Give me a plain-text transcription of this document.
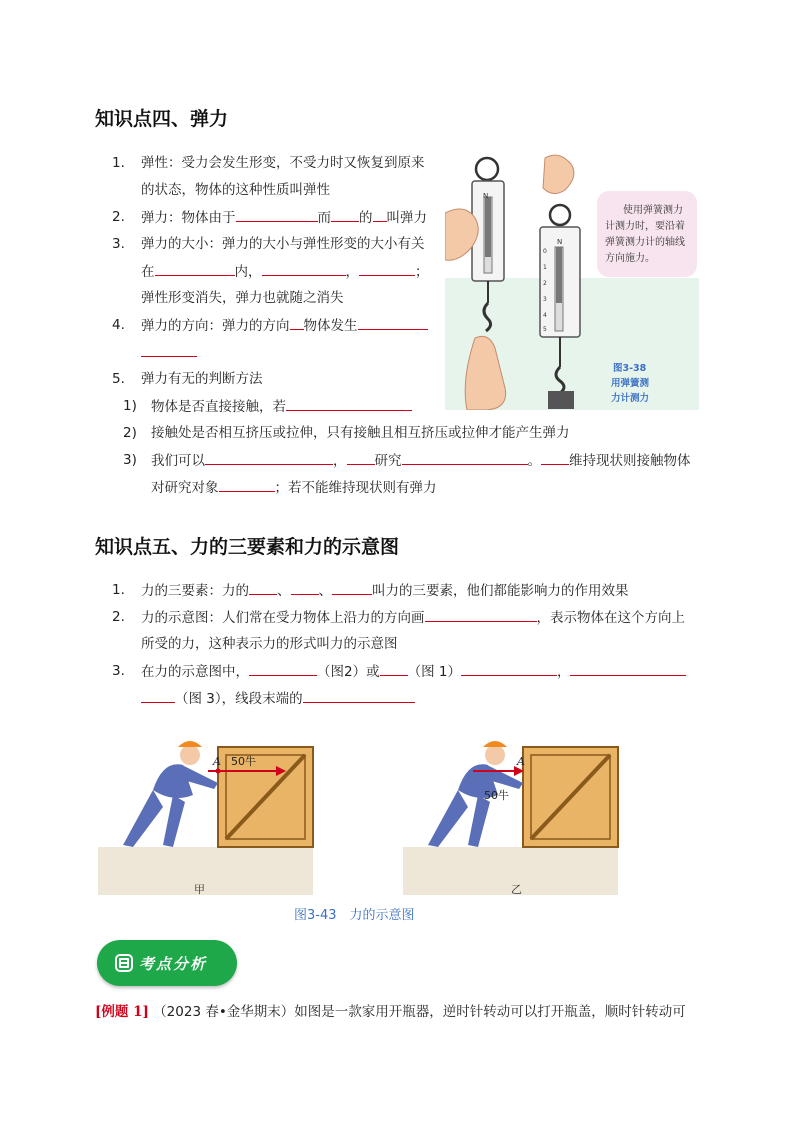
知识点四、弹力
1. 弹性：受力会发生形变，不受力时又恢复到原来
的状态，物体的这种性质叫弹性
2. 弹力：物体由于	而 的 叫弹力
3. 弹力的大小：弹力的大小与弹性形变的大小有关
在	内，	，	；
弹性形变消失，弹力也就随之消失
4. 弹力的方向：弹力的方向 物体发生
5. 弹力有无的判断方法
1) 物体是否直接接触，若
2) 接触处是否相互挤压或拉伸，只有接触且相互挤压或拉伸才能产生弹力
3) 我们可以	， 研究	。 维持现状则接触物体
对研究对象	；若不能维持现状则有弹力
N
N
0
1
2
3
4
5
使用弹簧测力
计测力时，要沿着
弹簧测力计的轴线
方向施力。
图3-38
用弹簧测
力计测力
知识点五、力的三要素和力的示意图
1. 力的三要素：力的 、 、	叫力的三要素，他们都能影响力的作用效果
2. 力的示意图：人们常在受力物体上沿力的方向画	，表示物体在这个方向上
所受的力，这种表示力的形式叫力的示意图
3. 在力的示意图中，	（图2）或 （图 1）	，
（图 3），线段末端的
A 50牛	A
50牛
甲	乙
图3-43　力的示意图
考点分析
[例题 1] （2023 春•金华期末）如图是一款家用开瓶器，逆时针转动可以打开瓶盖，顺时针转动可
